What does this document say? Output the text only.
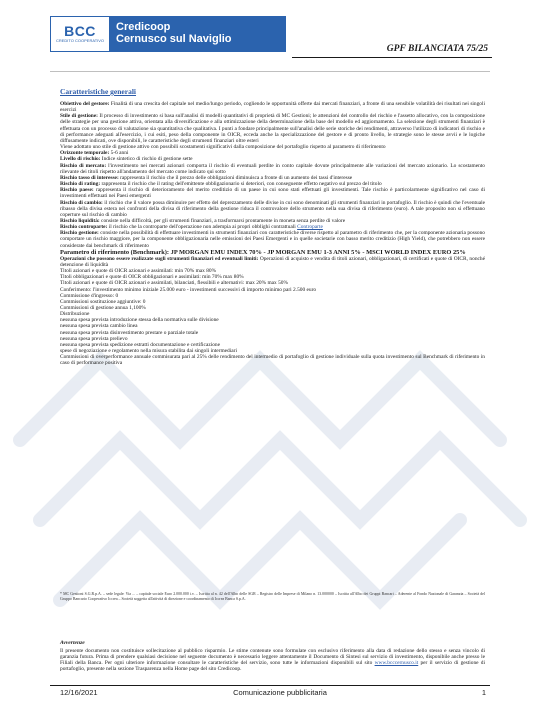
BCC
CREDITO COOPERATIVO
Credicoop
Cernusco sul Naviglio
GPF BILANCIATA 75/25
Caratteristiche generali

Obiettivo del gestore: Finalità di una crescita del capitale nel medio/lungo periodo, cogliendo le opportunità offerte dai mercati finanziari, a fronte di una sensibile volatilità dei risultati nei singoli esercizi

Stile di gestione: Il processo di investimento si basa sull'analisi di modelli quantitativi di proprietà di MC Gestioni; le attenzioni del controllo del rischio e l'assetto allocativo, con la composizione delle strategie per una gestione attiva, orientata alla diversificazione e alla ottimizzazione della determinazione della base del modello ed aggiornamento. La selezione degli strumenti finanziari è effettuata con un processo di valutazione sia quantitativa che qualitativa. I punti a fondare principalmente sull'analisi delle serie storiche dei rendimenti, attraverso l'utilizzo di indicatori di rischio e di performance adeguati all'esercizio, i cui esiti, peso della componente in OICR, ecceda anche la specializzazione del gestore e di pronto livello, le strategie sono le stesse avvii e le logiche diffusamente indicati, ove disponibili, le caratteristiche degli strumenti finanziari oltre esteri

Viene adottato uno stile di gestione attivo con possibili scostamenti significativi dalla composizione del portafoglio rispetto al parametro di riferimento

Orizzonte temporale: 5-6 anni

Livello di rischio: Indice sintetico di rischio di gestione sette

Rischio di mercato: l'investimento nei mercati azionari comporta il rischio di eventuali perdite in conto capitale dovute principalmente alle variazioni del mercato azionario. Lo scostamento rilevante dei titoli rispetto all'andamento del mercato come indicato qui sotto

Rischio tasso di interesse: rappresenta il rischio che il prezzo delle obbligazioni diminuisca a fronte di un aumento dei tassi d'interesse

Rischio di rating: rappresenta il rischio che il rating dell'emittente obbligazionario si deteriori, con conseguente effetto negativo sul prezzo del titolo

Rischio paese: rappresenta il rischio di deterioramento del merito creditizio di un paese in cui sono stati effettuati gli investimenti. Tale rischio è particolarmente significativo nel caso di investimenti effettuati nei Paesi emergenti

Rischio di cambio: il rischio che il valore possa diminuire per effetto del deprezzamento delle divise in cui sono denominati gli strumenti finanziari in portafoglio. Il rischio è quindi che l'eventuale ribasso della divisa estera nei confronti della divisa di riferimento della gestione riduca il controvalore dello strumento nella sua divisa di riferimento (euro). A tale proposito non si effettuano coperture sul rischio di cambio

Rischio liquidità: consiste nella difficoltà, per gli strumenti finanziari, a trasformarsi prontamente in moneta senza perdite di valore

Rischio controparte: il rischio che la controparte dell'operazione non adempia ai propri obblighi contrattuali Controparte

Rischio gestione: consiste nella possibilità di effettuare investimenti in strumenti finanziari con caratteristiche diverse rispetto al parametro di riferimento che, per la componente azionaria possono comportare un rischio maggiore, per la componente obbligazionaria nelle emissioni dei Paesi Emergenti e in quelle societarie con basso merito creditizio (High Yield), che potrebbero non essere considerate dai benchmark di riferimento

Parametro di riferimento (Benchmark): JP MORGAN EMU INDEX 70% - JP MORGAN EMU 1-3 ANNI 5% - MSCI WORLD INDEX EURO 25%

Operazioni che possono essere realizzate sugli strumenti finanziari ed eventuali limiti: Operazioni di acquisto e vendita di titoli azionari, obbligazionari, di certificati e quote di OICR, nonché detenzione di liquidità

Titoli azionari e quote di OICR azionari e assimilati: min 70% max 80%

Titoli obbligazionari e quote di OICR obbligazionari e assimilati: min 70% max 80%

Titoli azionari e quote di OICR azionari e assimilati, bilanciati, flessibili e alternativi: max 20% max 50%

Conferimento: l'investimento minimo iniziale 25.000 euro - investimenti successivi di importo minimo pari 2.500 euro

Commissione d'ingresso: 0

Commissioni sostituzione aggiuntive: 0

Commissioni di gestione annua 1,100%

Distribuzione

nessuna spesa prevista introduzione stessa della normativa sulle divisione

nessuna spesa prevista cambio linea

nessuna spesa prevista disinvestimento prestare o parziale totale

nessuna spesa prevista prelievo

nessuna spesa prevista spedizione estratti documentazione e certificazione

spese di negoziazione e regolamento nella misura stabilita dai singoli intermediari

Commissioni di overperformance annuale commisurata pari al 25% delle rendimento del intermedio di portafoglio di gestione individuale sulla quota investimento sul Benchmark di riferimento in caso di performance positiva

* MC Gestioni S.G.R.p.A. – sede legale: Via ... – capitale sociale Euro 2.000.000 i.v. – Iscritta al n. 42 dell'Albo delle SGR – Registro delle Imprese di Milano n. 13.000000 – Iscritta all'Albo dei Gruppi Bancari – Aderente al Fondo Nazionale di Garanzia – Società del Gruppo Bancario Cooperativo Iccrea – Società soggetta all'attività di direzione e coordinamento di Iccrea Banca S.p.A.
Avvertenze
Il presente documento non costituisce sollecitazione al pubblico risparmio. Le stime contenute sono formulate con esclusivo riferimento alla data di redazione dello stesso e senza vincolo di garanzia futura. Prima di prendere qualsiasi decisione nel seguente documento è necessario leggere attentamente il Documento di Sintesi sul servizio di investimento, disponibile anche presso le Filiali della Banca. Per ogni ulteriore informazione consultare le caratteristiche del servizio, sono tutte le informazioni disponibili sul sito www.bcccernusco.it per il servizio di gestione di portafoglio, presente nella sezione Trasparenza nella Home page del sito Credicoop.
12/16/2021	Comunicazione pubblicitaria	1
